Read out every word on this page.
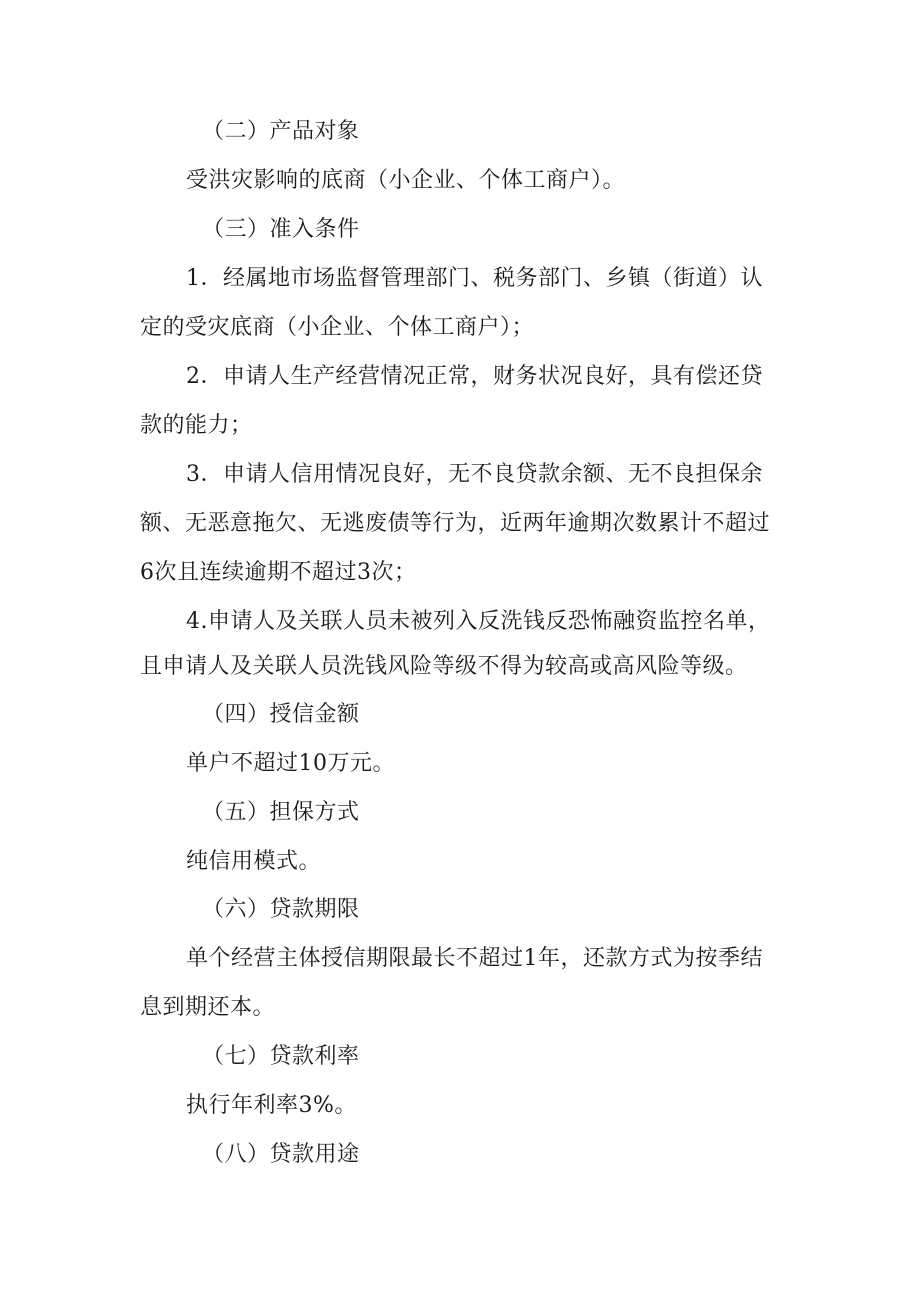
（二）产品对象
受洪灾影响的底商（小企业、个体工商户）。
（三）准入条件
1．经属地市场监督管理部门、税务部门、乡镇（街道）认
定的受灾底商（小企业、个体工商户）；
2．申请人生产经营情况正常，财务状况良好，具有偿还贷
款的能力；
3．申请人信用情况良好，无不良贷款余额、无不良担保余
额、无恶意拖欠、无逃废债等行为，近两年逾期次数累计不超过
6次且连续逾期不超过3次；
4.申请人及关联人员未被列入反洗钱反恐怖融资监控名单，
且申请人及关联人员洗钱风险等级不得为较高或高风险等级。
（四）授信金额
单户不超过10万元。
（五）担保方式
纯信用模式。
（六）贷款期限
单个经营主体授信期限最长不超过1年，还款方式为按季结
息到期还本。
（七）贷款利率
执行年利率3%。
（八）贷款用途
